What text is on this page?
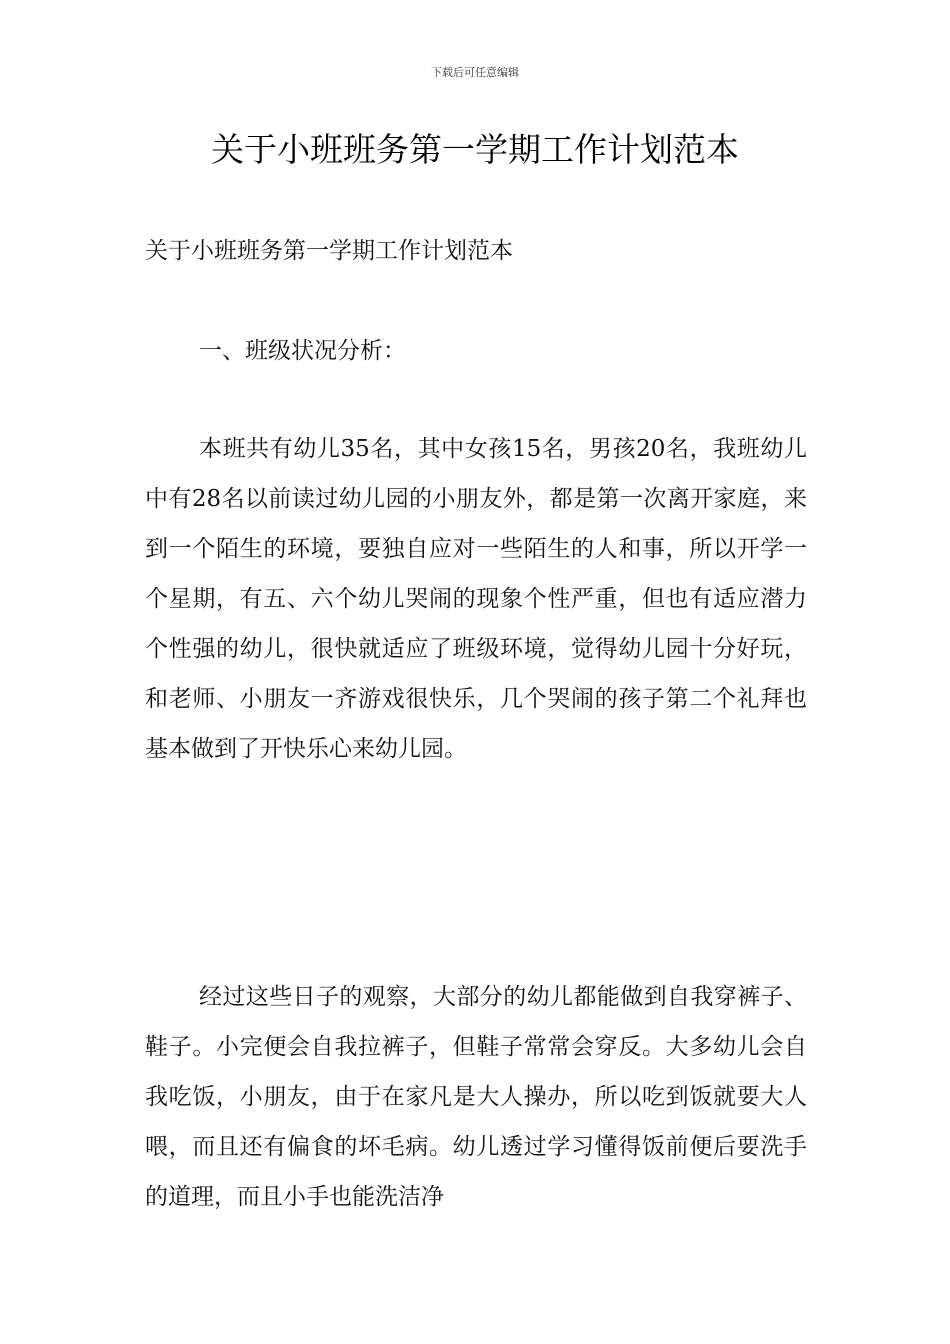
下载后可任意编辑
关于小班班务第一学期工作计划范本

关于小班班务第一学期工作计划范本

一、班级状况分析：

本班共有幼儿35名，其中女孩15名，男孩20名，我班幼儿中有28名以前读过幼儿园的小朋友外，都是第一次离开家庭，来到一个陌生的环境，要独自应对一些陌生的人和事，所以开学一个星期，有五、六个幼儿哭闹的现象个性严重，但也有适应潜力个性强的幼儿，很快就适应了班级环境，觉得幼儿园十分好玩，和老师、小朋友一齐游戏很快乐，几个哭闹的孩子第二个礼拜也基本做到了开快乐心来幼儿园。

经过这些日子的观察，大部分的幼儿都能做到自我穿裤子、鞋子。小完便会自我拉裤子，但鞋子常常会穿反。大多幼儿会自我吃饭，小朋友，由于在家凡是大人操办，所以吃到饭就要大人喂，而且还有偏食的坏毛病。幼儿透过学习懂得饭前便后要洗手的道理，而且小手也能洗洁净
